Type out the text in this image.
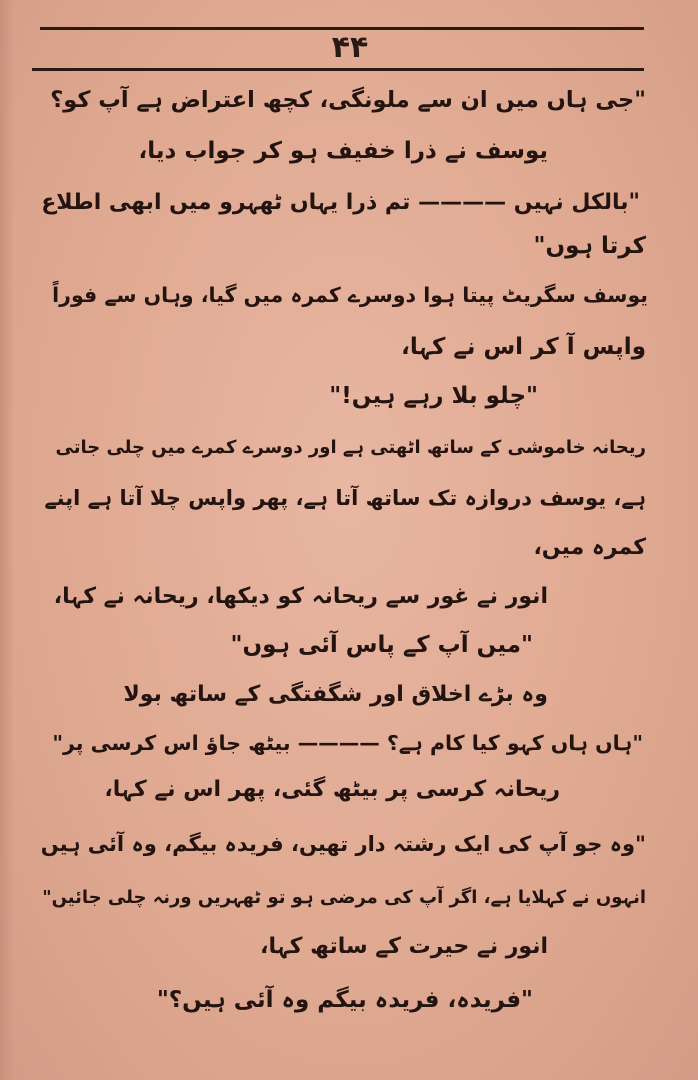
۴۴
"جی ہاں میں ان سے ملونگی، کچھ اعتراض ہے آپ کو؟
یوسف نے ذرا خفیف ہو کر جواب دیا،
"بالکل نہیں ———— تم ذرا یہاں ٹھہرو میں ابھی اطلاع
کرتا ہوں"
یوسف سگریٹ پیتا ہوا دوسرے کمرہ میں گیا، وہاں سے فوراً
واپس آ کر اس نے کہا،
"چلو بلا رہے ہیں!"
ریحانہ خاموشی کے ساتھ اٹھتی ہے اور دوسرے کمرے میں چلی جاتی
ہے، یوسف دروازہ تک ساتھ آتا ہے، پھر واپس چلا آتا ہے اپنے
کمرہ میں،
انور نے غور سے ریحانہ کو دیکھا، ریحانہ نے کہا،
"میں آپ کے پاس آئی ہوں"
وہ بڑے اخلاق اور شگفتگی کے ساتھ بولا
"ہاں ہاں کہو کیا کام ہے؟ ———— بیٹھ جاؤ اس کرسی پر"
ریحانہ کرسی پر بیٹھ گئی، پھر اس نے کہا،
"وہ جو آپ کی ایک رشتہ دار تھیں، فریدہ بیگم، وہ آئی ہیں
انہوں نے کہلایا ہے، اگر آپ کی مرضی ہو تو ٹھہریں ورنہ چلی جائیں"
انور نے حیرت کے ساتھ کہا،
"فریدہ، فریدہ بیگم وہ آئی ہیں؟"
